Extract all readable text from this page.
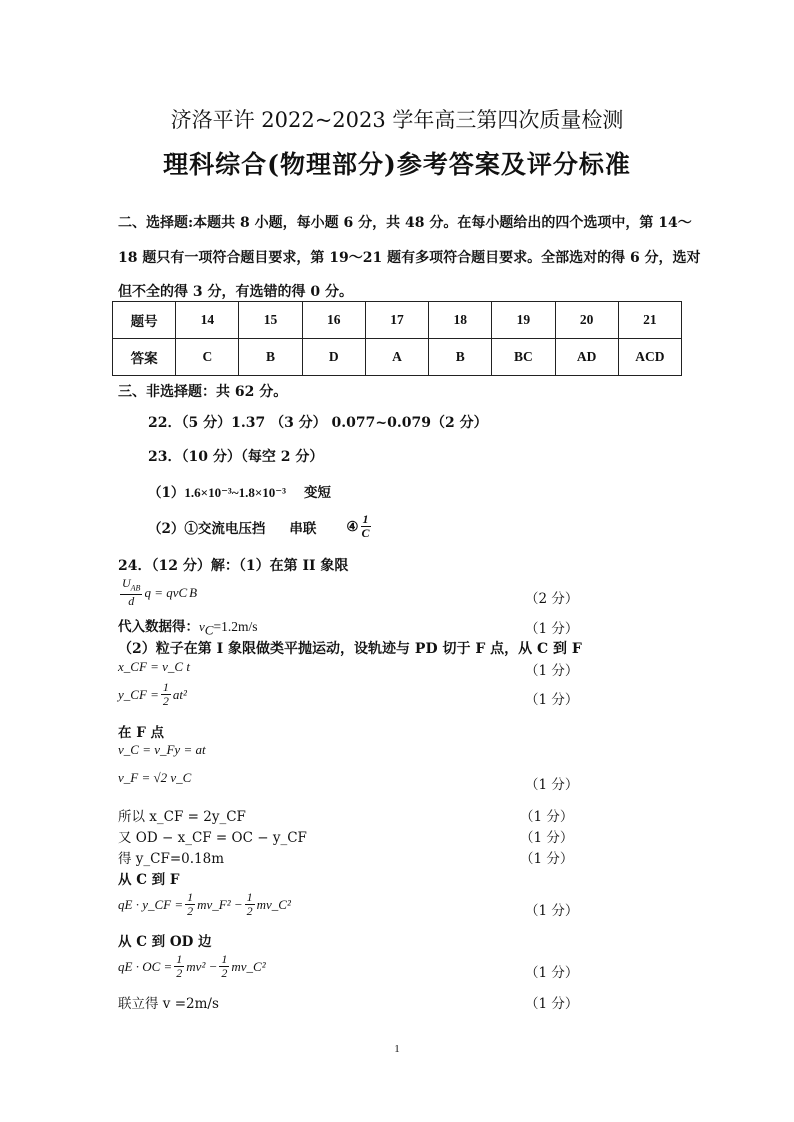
济洛平许 2022~2023 学年高三第四次质量检测
理科综合(物理部分)参考答案及评分标准
二、选择题:本题共 8 小题，每小题 6 分，共 48 分。在每小题给出的四个选项中，第 14～
18 题只有一项符合题目要求，第 19～21 题有多项符合题目要求。全部选对的得 6 分，选对
但不全的得 3 分，有选错的得 0 分。
题号	14	15	16	17	18	19	20	21
答案	C	B	D	A	B	BC	AD	ACD
三、非选择题：共 62 分。
22．（5 分）1.37 （3 分） 0.077~0.079（2 分）
23．（10 分）（每空 2 分）
（1）1.6×10⁻³~1.8×10⁻³ 变短
（2）①交流电压挡 串联 ④ $\frac{1}{C}$
24．（12 分）解：（1）在第 II 象限
$\frac{U_{AB}}{d}$ q = qv C B	（2 分）
代入数据得：$v_C=1.2m/s$	（1 分）
（2）粒子在第 I 象限做类平抛运动，设轨迹与 PD 切于 F 点，从 C 到 F
x_CF = v_C t	（1 分）
y_CF = $\frac{1}{2} at^2$	（1 分）
在 F 点
v_C = v_Fy = at
v_F = √2 v_C	（1 分）
所以 x_CF = 2y_CF	（1 分）
又 OD − x_CF = OC − y_CF	（1 分）
得 y_CF=0.18m	（1 分）
从 C 到 F
qE · y_CF = $\frac{1}{2}$ mv_F² − $\frac{1}{2}$ mv_C²	（1 分）
从 C 到 OD 边
qE · OC = $\frac{1}{2} mv^2 - \frac{1}{2}$ mv_C²	（1 分）
联立得 v =2m/s	（1 分）
1
